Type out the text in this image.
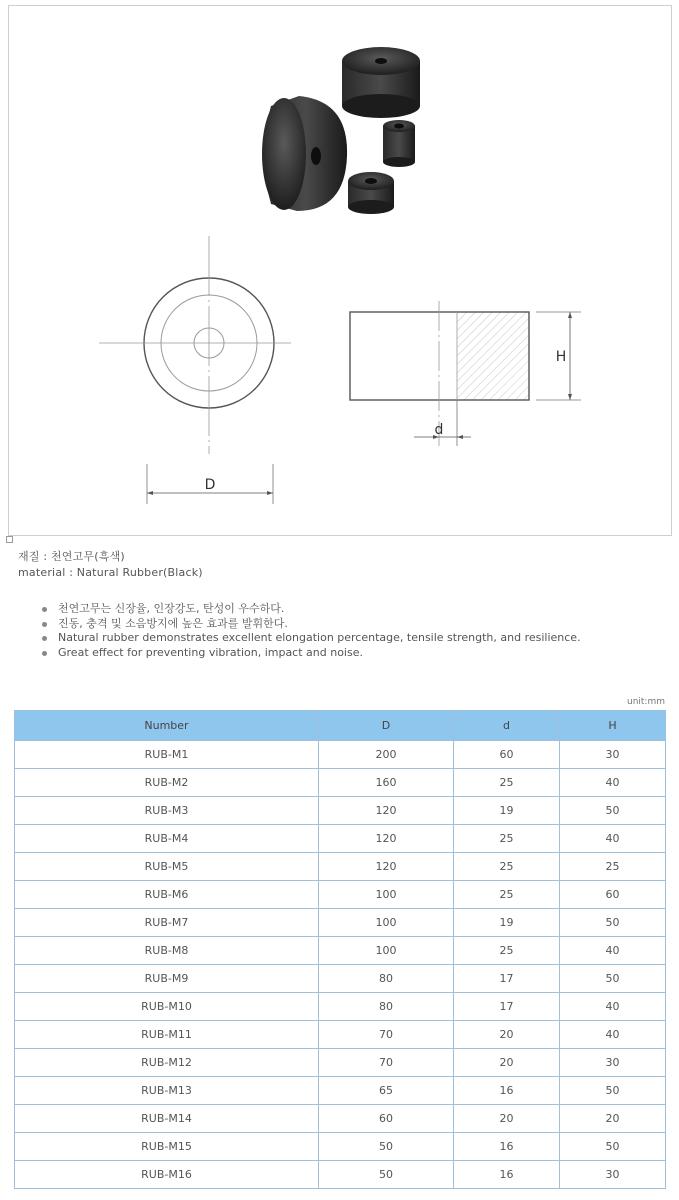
D
H
d
재질 : 천연고무(흑색)
material : Natural Rubber(Black)
천연고무는 신장율, 인장강도, 탄성이 우수하다.
진동, 충격 및 소음방지에 높은 효과를 발휘한다.
Natural rubber demonstrates excellent elongation percentage, tensile strength, and resilience.
Great effect for preventing vibration, impact and noise.
unit:mm
Number	D	d	H
RUB-M1	200	60	30
RUB-M2	160	25	40
RUB-M3	120	19	50
RUB-M4	120	25	40
RUB-M5	120	25	25
RUB-M6	100	25	60
RUB-M7	100	19	50
RUB-M8	100	25	40
RUB-M9	80	17	50
RUB-M10	80	17	40
RUB-M11	70	20	40
RUB-M12	70	20	30
RUB-M13	65	16	50
RUB-M14	60	20	20
RUB-M15	50	16	50
RUB-M16	50	16	30
